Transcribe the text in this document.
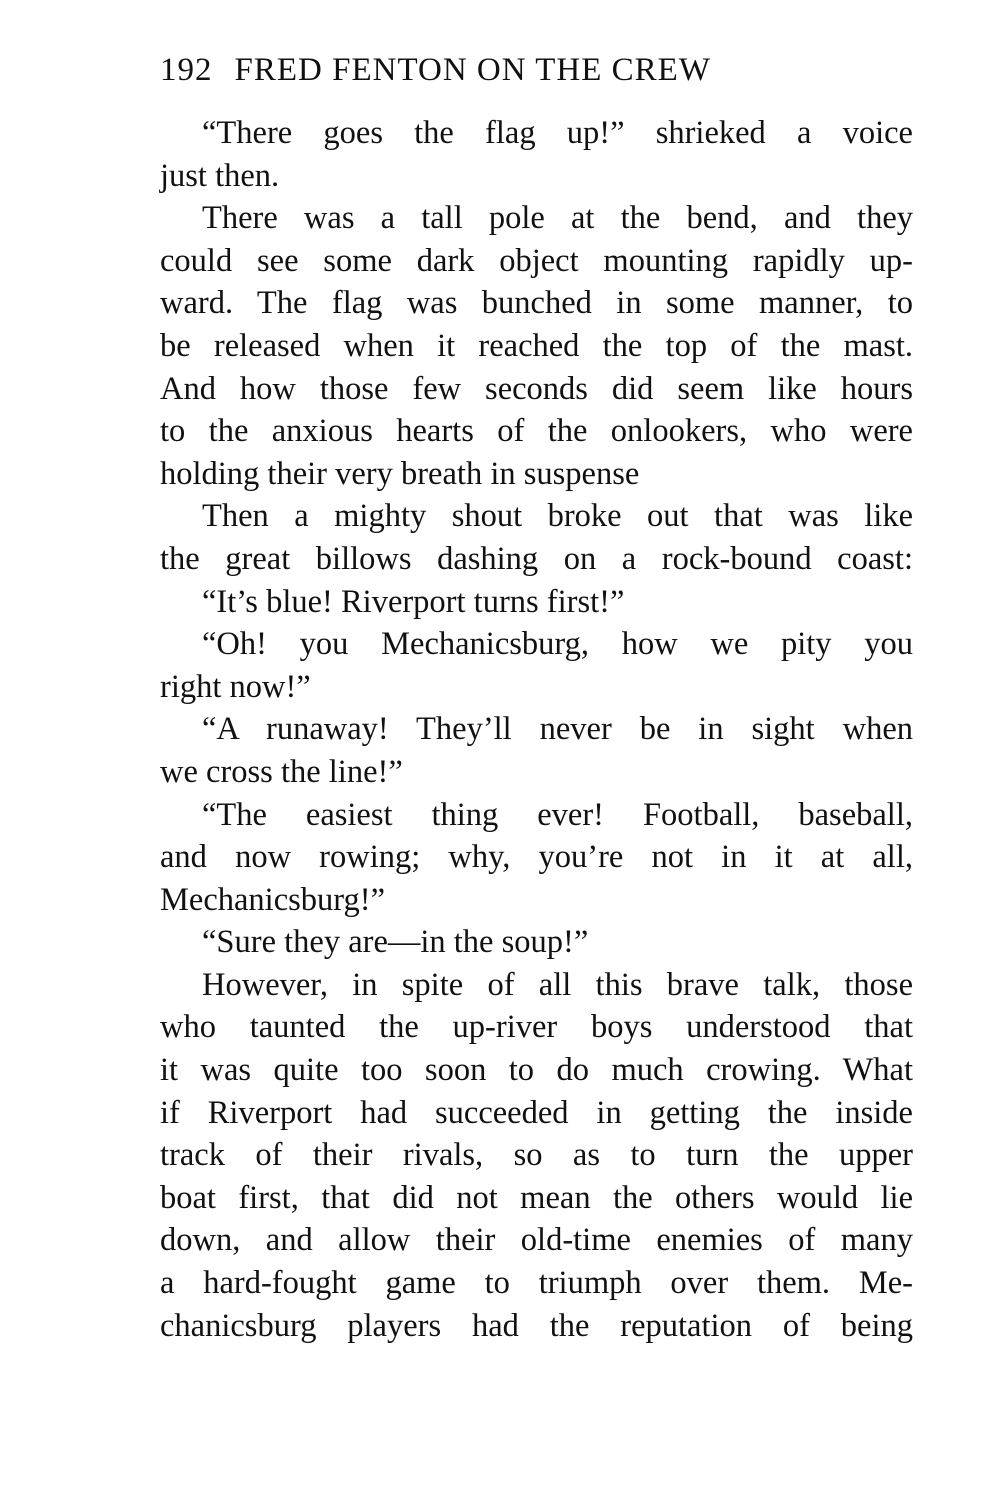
192 FRED FENTON ON THE CREW
“There goes the flag up!” shrieked a voice
just then.
There was a tall pole at the bend, and they
could see some dark object mounting rapidly up-
ward. The flag was bunched in some manner, to
be released when it reached the top of the mast.
And how those few seconds did seem like hours
to the anxious hearts of the onlookers, who were
holding their very breath in suspense
Then a mighty shout broke out that was like
the great billows dashing on a rock-bound coast:
“It’s blue! Riverport turns first!”
“Oh! you Mechanicsburg, how we pity you
right now!”
“A runaway! They’ll never be in sight when
we cross the line!”
“The easiest thing ever! Football, baseball,
and now rowing; why, you’re not in it at all,
Mechanicsburg!”
“Sure they are—in the soup!”
However, in spite of all this brave talk, those
who taunted the up-river boys understood that
it was quite too soon to do much crowing. What
if Riverport had succeeded in getting the inside
track of their rivals, so as to turn the upper
boat first, that did not mean the others would lie
down, and allow their old-time enemies of many
a hard-fought game to triumph over them. Me-
chanicsburg players had the reputation of being
